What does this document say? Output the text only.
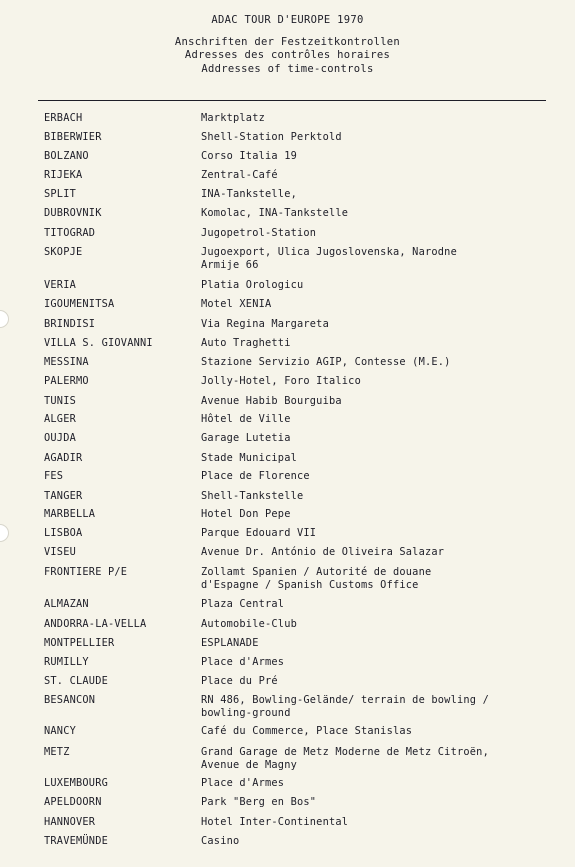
ADAC TOUR D'EUROPE 1970
Anschriften der Festzeitkontrollen
Adresses des contrôles horaires
Addresses of time-controls
ERBACH	Marktplatz
BIBERWIER	Shell-Station Perktold
BOLZANO	Corso Italia 19
RIJEKA	Zentral-Café
SPLIT	INA-Tankstelle,
DUBROVNIK	Komolac, INA-Tankstelle
TITOGRAD	Jugopetrol-Station
SKOPJE	Jugoexport, Ulica Jugoslovenska, Narodne
Armije 66
VERIA	Platia Orologicu
IGOUMENITSA	Motel XENIA
BRINDISI	Via Regina Margareta
VILLA S. GIOVANNI	Auto Traghetti
MESSINA	Stazione Servizio AGIP, Contesse (M.E.)
PALERMO	Jolly-Hotel, Foro Italico
TUNIS	Avenue Habib Bourguiba
ALGER	Hôtel de Ville
OUJDA	Garage Lutetia
AGADIR	Stade Municipal
FES	Place de Florence
TANGER	Shell-Tankstelle
MARBELLA	Hotel Don Pepe
LISBOA	Parque Edouard VII
VISEU	Avenue Dr. António de Oliveira Salazar
FRONTIERE P/E	Zollamt Spanien / Autorité de douane
d'Espagne / Spanish Customs Office
ALMAZAN	Plaza Central
ANDORRA-LA-VELLA	Automobile-Club
MONTPELLIER	ESPLANADE
RUMILLY	Place d'Armes
ST. CLAUDE	Place du Pré
BESANCON	RN 486, Bowling-Gelände/ terrain de bowling /
bowling-ground
NANCY	Café du Commerce, Place Stanislas
METZ	Grand Garage de Metz Moderne de Metz Citroën,
Avenue de Magny
LUXEMBOURG	Place d'Armes
APELDOORN	Park "Berg en Bos"
HANNOVER	Hotel Inter-Continental
TRAVEMÜNDE	Casino
